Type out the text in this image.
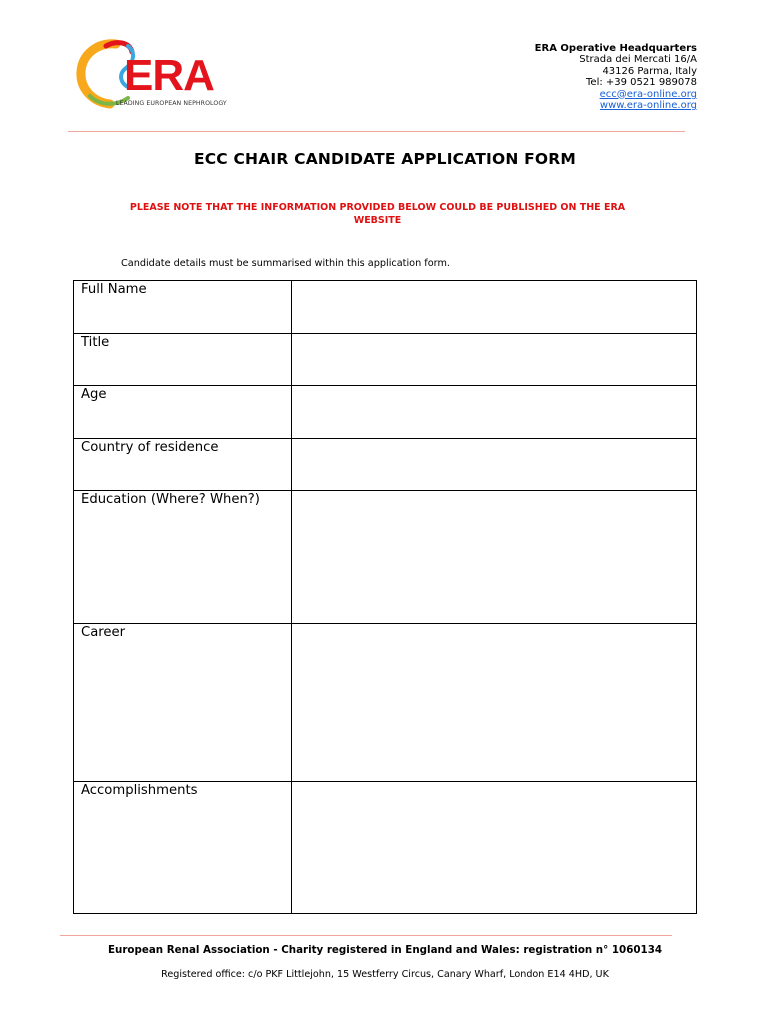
ERA
LEADING EUROPEAN NEPHROLOGY
ERA Operative Headquarters
Strada dei Mercati 16/A
43126 Parma, Italy
Tel: +39 0521 989078
ecc@era-online.org
www.era-online.org
ECC CHAIR CANDIDATE APPLICATION FORM
PLEASE NOTE THAT THE INFORMATION PROVIDED BELOW COULD BE PUBLISHED ON THE ERA WEBSITE
Candidate details must be summarised within this application form.
Full Name	
Title	
Age	
Country of residence	
Education (Where? When?)	
Career	
Accomplishments	
European Renal Association - Charity registered in England and Wales: registration n° 1060134
Registered office: c/o PKF Littlejohn, 15 Westferry Circus, Canary Wharf, London E14 4HD, UK
